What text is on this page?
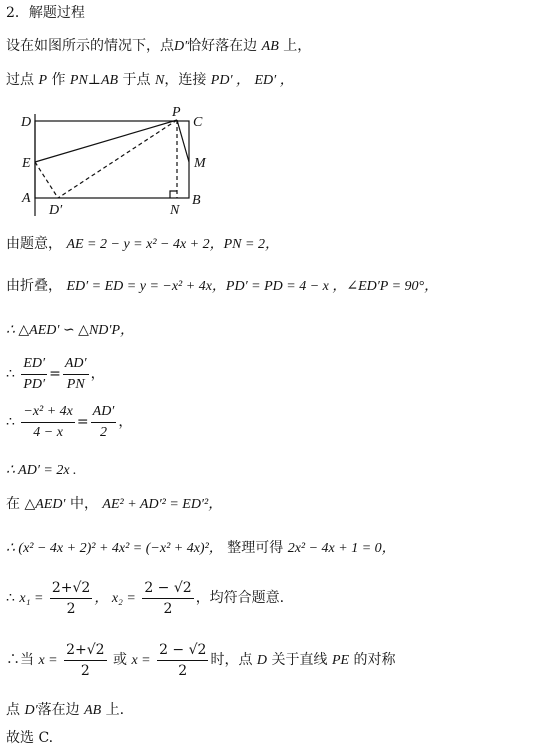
2．解题过程
设在如图所示的情况下，点D′恰好落在边 AB 上，
过点 P 作 PN⊥AB 于点 N，连接 PD′ ， ED′ ，
D
P
C
E	M
A
D′	N
B
由题意， AE = 2 − y = x² − 4x + 2，PN = 2，
由折叠， ED′ = ED = y = −x² + 4x，PD′ = PD = 4 − x ，∠ED′P = 90°，
∴ △AED′ ∽ △ND′P，
∴ $\frac{ED'}{PD'} = \frac{AD'}{PN}$ ，
∴ $\frac{\text{−x² + 4x}}{4 - x} = \frac{AD'}{2}$ ，
∴ AD′ = 2x .
在 △AED′ 中， AE² + AD′² = ED′²，
∴ (x² − 4x + 2)² + 4x² = (−x² + 4x)²， 整理可得 2x² − 4x + 1 = 0，
∴ $x_1 = \frac{2+√2}{2}$ ， $x_2 = \frac{2 - √2}{2}$ ，均符合题意.
∴当 $x = \frac{2+√2}{2}$ 或 $x = \frac{2 - √2}{2}$ 时，点 D 关于直线 PE 的对称
点 D′落在边 AB 上.
故选 C.
